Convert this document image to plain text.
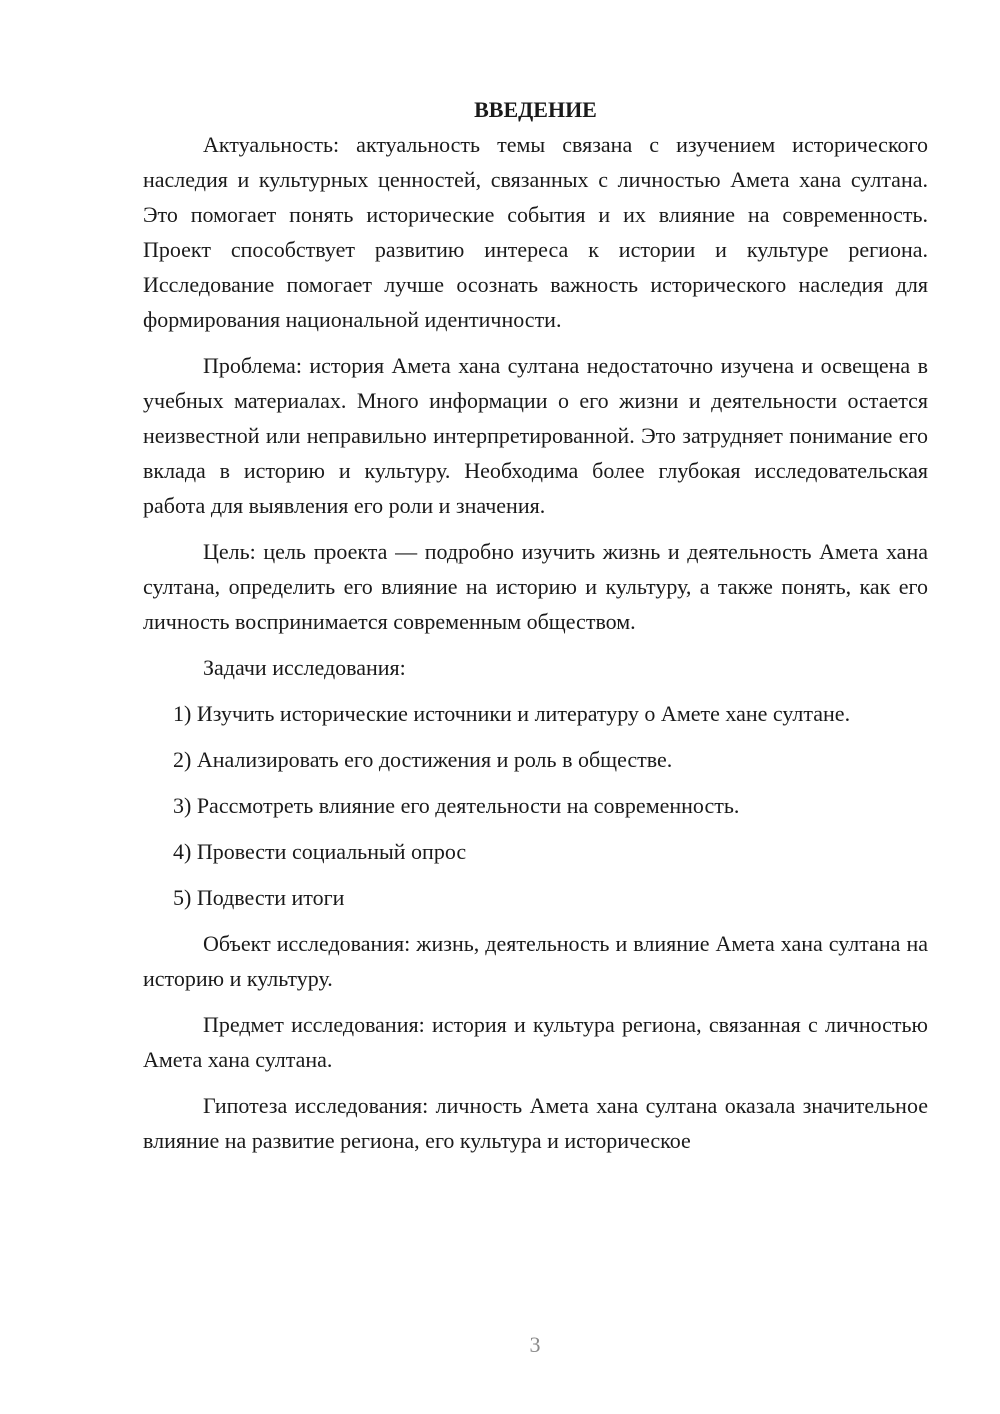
ВВЕДЕНИЕ

Актуальность: актуальность темы связана с изучением исторического наследия и культурных ценностей, связанных с личностью Амета хана султана. Это помогает понять исторические события и их влияние на современность. Проект способствует развитию интереса к истории и культуре региона. Исследование помогает лучше осознать важность исторического наследия для формирования национальной идентичности.

Проблема: история Амета хана султана недостаточно изучена и освещена в учебных материалах. Много информации о его жизни и деятельности остается неизвестной или неправильно интерпретированной. Это затрудняет понимание его вклада в историю и культуру. Необходима более глубокая исследовательская работа для выявления его роли и значения.

Цель: цель проекта — подробно изучить жизнь и деятельность Амета хана султана, определить его влияние на историю и культуру, а также понять, как его личность воспринимается современным обществом.

Задачи исследования:

1) Изучить исторические источники и литературу о Амете хане султане.

2) Анализировать его достижения и роль в обществе.

3) Рассмотреть влияние его деятельности на современность.

4) Провести социальный опрос

5) Подвести итоги

Объект исследования: жизнь, деятельность и влияние Амета хана султана на историю и культуру.

Предмет исследования: история и культура региона, связанная с личностью Амета хана султана.

Гипотеза исследования: личность Амета хана султана оказала значительное влияние на развитие региона, его культура и историческое

3
